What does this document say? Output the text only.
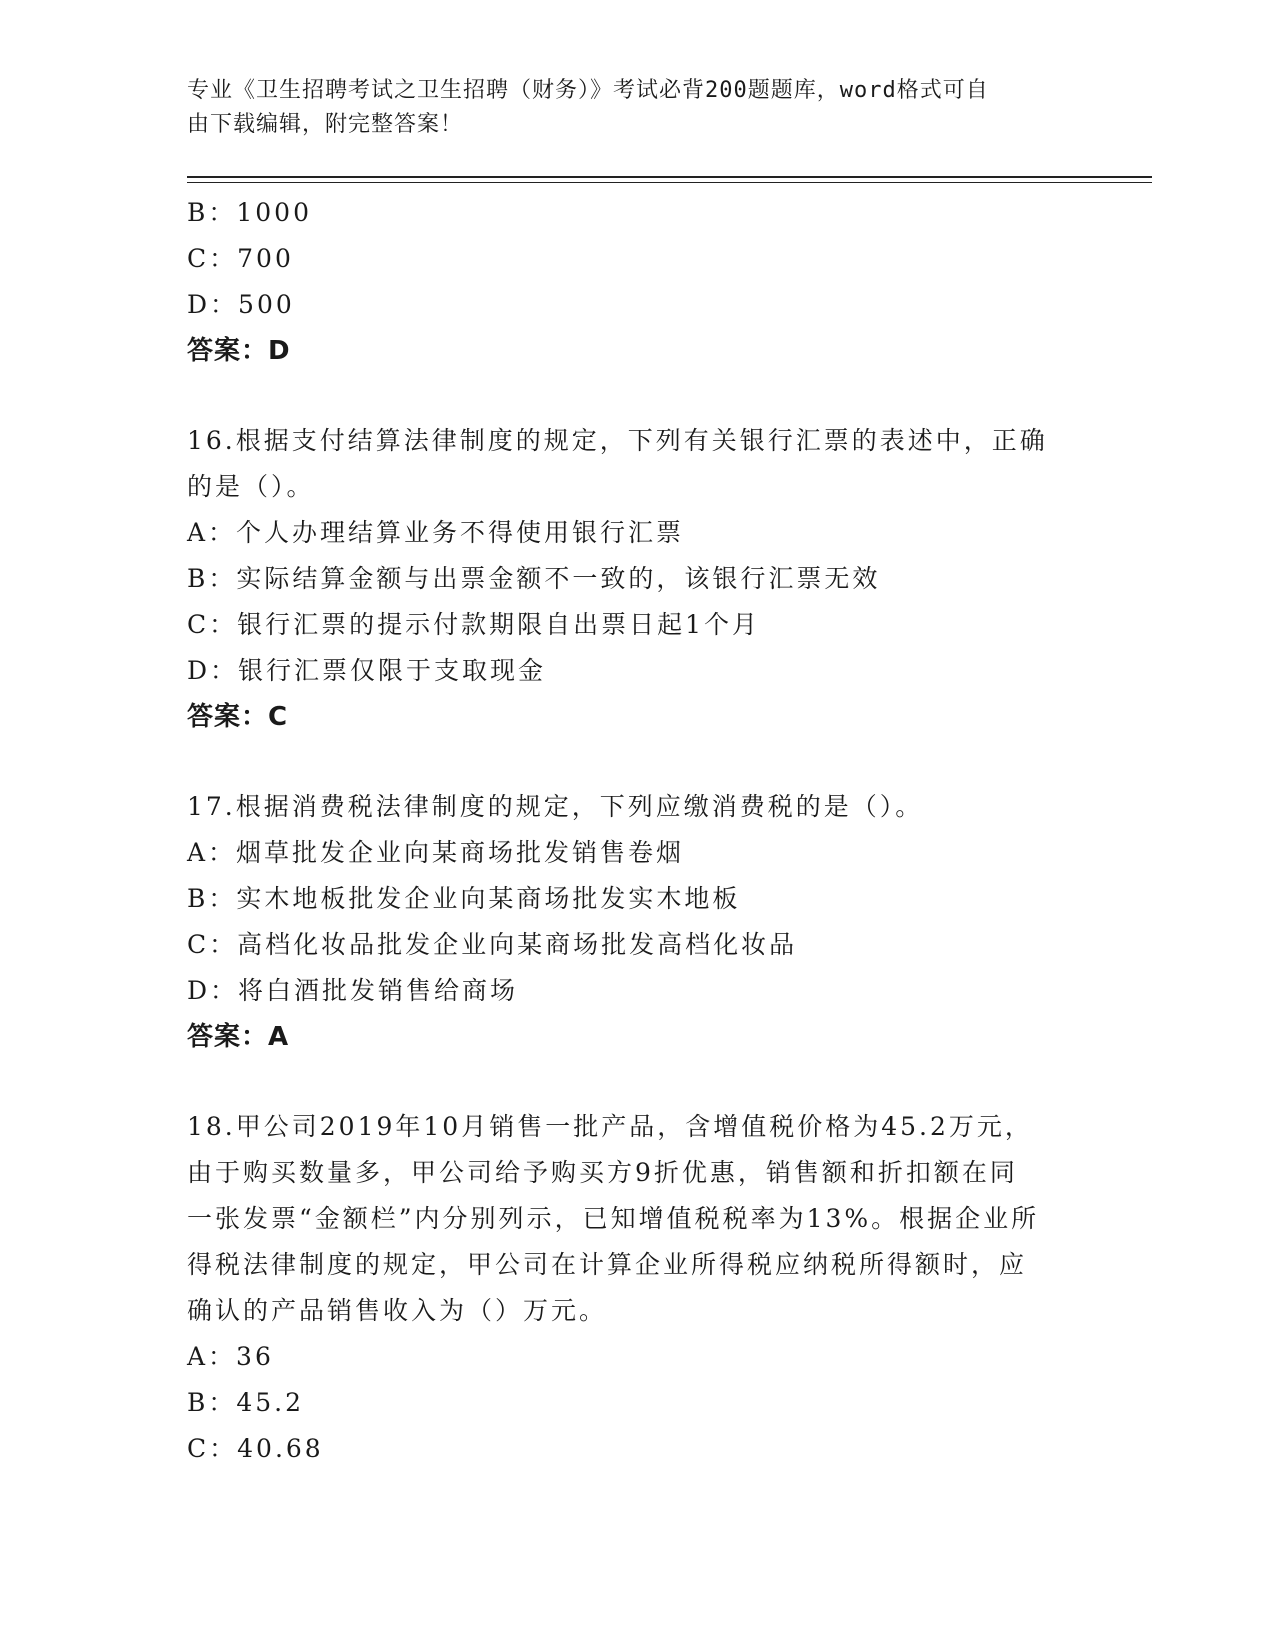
专业《卫生招聘考试之卫生招聘（财务）》考试必背200题题库，word格式可自
由下载编辑，附完整答案！
B：1000
C：700
D：500
答案：D
16.根据支付结算法律制度的规定，下列有关银行汇票的表述中，正确
的是（）。
A：个人办理结算业务不得使用银行汇票
B：实际结算金额与出票金额不一致的，该银行汇票无效
C：银行汇票的提示付款期限自出票日起1个月
D：银行汇票仅限于支取现金
答案：C
17.根据消费税法律制度的规定，下列应缴消费税的是（）。
A：烟草批发企业向某商场批发销售卷烟
B：实木地板批发企业向某商场批发实木地板
C：高档化妆品批发企业向某商场批发高档化妆品
D：将白酒批发销售给商场
答案：A
18.甲公司2019年10月销售一批产品，含增值税价格为45.2万元，
由于购买数量多，甲公司给予购买方9折优惠，销售额和折扣额在同
一张发票“金额栏”内分别列示，已知增值税税率为13%。根据企业所
得税法律制度的规定，甲公司在计算企业所得税应纳税所得额时，应
确认的产品销售收入为（）万元。
A：36
B：45.2
C：40.68
